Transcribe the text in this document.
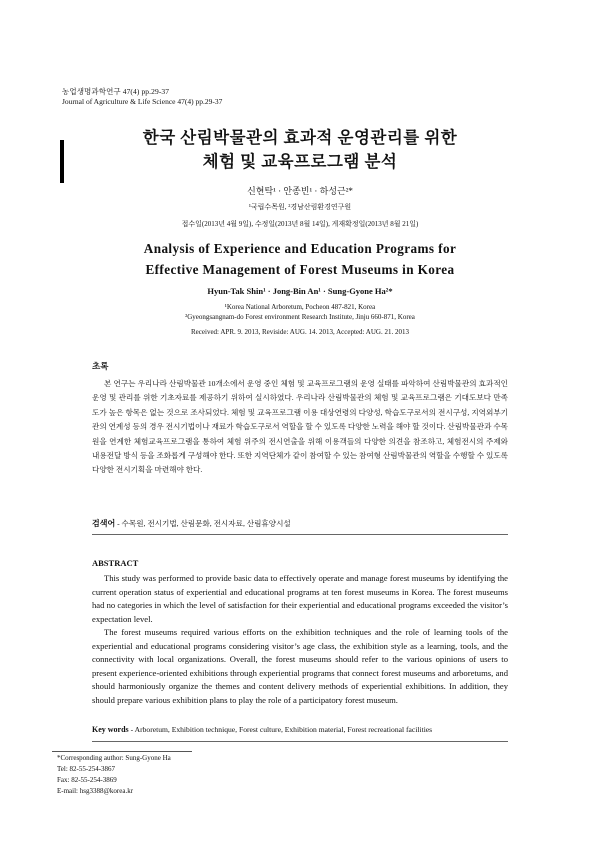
농업생명과학연구 47(4) pp.29-37
Journal of Agriculture & Life Science 47(4) pp.29-37
한국 산림박물관의 효과적 운영관리를 위한
체험 및 교육프로그램 분석
신현탁¹ · 안종빈¹ · 하성근²*
¹국립수목원, ²경남산림환경연구원
접수일(2013년 4월 9일), 수정일(2013년 8월 14일), 게재확정일(2013년 8월 21일)
Analysis of Experience and Education Programs for
Effective Management of Forest Museums in Korea
Hyun-Tak Shin¹ · Jong-Bin An¹ · Sung-Gyone Ha²*
¹Korea National Arboretum, Pocheon 487-821, Korea
²Gyeongsangnam-do Forest environment Research Institute, Jinju 660-871, Korea
Received: APR. 9. 2013, Reviside: AUG. 14. 2013, Accepted: AUG. 21. 2013
초록
본 연구는 우리나라 산림박물관 10개소에서 운영 중인 체험 및 교육프로그램의 운영 실태를 파악하여 산림박물관의 효과적인 운영 및 관리를 위한 기초자료를 제공하기 위하여 실시하였다. 우리나라 산림박물관의 체험 및 교육프로그램은 기대도보다 만족도가 높은 항목은 없는 것으로 조사되었다. 체험 및 교육프로그램 이용 대상연령의 다양성, 학습도구로서의 전시구성, 지역외부기관의 연계성 등의 경우 전시기법이나 재료가 학습도구로서 역할을 할 수 있도록 다양한 노력을 해야 할 것이다. 산림박물관과 수목원을 연계한 체험교육프로그램을 통하여 체험 위주의 전시연출을 위해 이용객들의 다양한 의견을 참조하고, 체험전시의 주제와 내용전달 방식 등을 조화롭게 구성해야 한다. 또한 지역단체가 같이 참여할 수 있는 참여형 산림박물관의 역할을 수행할 수 있도록 다양한 전시기획을 마련해야 한다.
검색어 - 수목원, 전시기법, 산림문화, 전시자료, 산림휴양시설
ABSTRACT

This study was performed to provide basic data to effectively operate and manage forest museums by identifying the current operation status of experiential and educational programs at ten forest museums in Korea. The forest museums had no categories in which the level of satisfaction for their experiential and educational programs exceeded the visitor’s expectation level.

The forest museums required various efforts on the exhibition techniques and the role of learning tools of the experiential and educational programs considering visitor’s age class, the exhibition style as a learning, tools, and the connectivity with local organizations. Overall, the forest museums should refer to the various opinions of users to present experience-oriented exhibitions through experiential programs that connect forest museums and arboretums, and should harmoniously organize the themes and content delivery methods of experiential exhibitions. In addition, they should prepare various exhibition plans to play the role of a participatory forest museum.

Key words - Arboretum, Exhibition technique, Forest culture, Exhibition material, Forest recreational facilities
*Corresponding author: Sung-Gyone Ha
Tel: 82-55-254-3867
Fax: 82-55-254-3869
E-mail: hsg3388@korea.kr
